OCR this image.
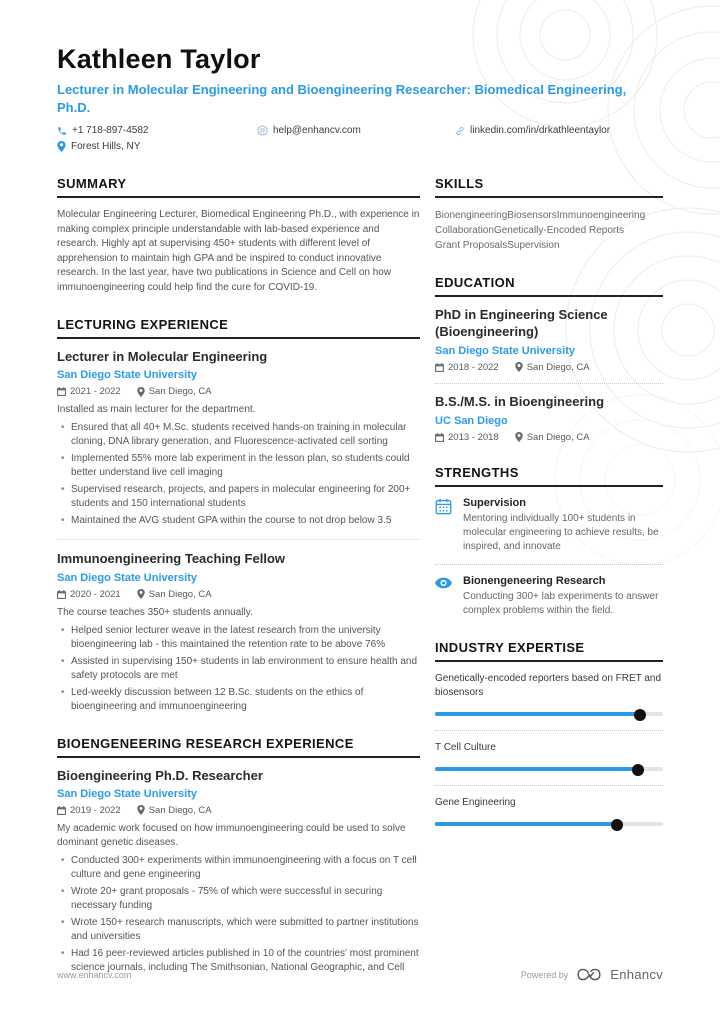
Kathleen Taylor
Lecturer in Molecular Engineering and Bioengineering Researcher: Biomedical Engineering, Ph.D.
+1 718-897-4582	@ help@enhancv.com	linkedin.com/in/drkathleentaylor
Forest Hills, NY
SUMMARY

Molecular Engineering Lecturer, Biomedical Engineering Ph.D., with experience in making complex principle understandable with lab-based experience and research. Highly apt at supervising 450+ students with different level of apprehension to maintain high GPA and be inspired to conduct innovative research. In the last year, have two publications in Science and Cell on how immunoengineering could help find the cure for COVID-19.

LECTURING EXPERIENCE
Lecturer in Molecular Engineering
San Diego State University
2021 - 2022	San Diego, CA
Installed as main lecturer for the department.
• Ensured that all 40+ M.Sc. students received hands-on training in molecular cloning, DNA library generation, and Fluorescence-activated cell sorting
• Implemented 55% more lab experiment in the lesson plan, so students could better understand live cell imaging
• Supervised research, projects, and papers in molecular engineering for 200+ students and 150 international students
• Maintained the AVG student GPA within the course to not drop below 3.5
Immunoengineering Teaching Fellow
San Diego State University
2020 - 2021	San Diego, CA
The course teaches 350+ students annually.
• Helped senior lecturer weave in the latest research from the university bioengineering lab - this maintained the retention rate to be above 76%
• Assisted in supervising 150+ students in lab environment to ensure health and safety protocols are met
• Led-weekly discussion between 12 B.Sc. students on the ethics of bioengineering and immunoengineering
BIOENGENEERING RESEARCH EXPERIENCE
Bioengineering Ph.D. Researcher
San Diego State University
2019 - 2022	San Diego, CA
My academic work focused on how immunoengineering could be used to solve dominant genetic diseases.
• Conducted 300+ experiments within immunoengineering with a focus on T cell culture and gene engineering
• Wrote 20+ grant proposals - 75% of which were successful in securing necessary funding
• Wrote 150+ research manuscripts, which were submitted to partner institutions and universities
• Had 16 peer-reviewed articles published in 10 of the countries' most prominent science journals, including The Smithsonian, National Geographic, and Cell
SKILLS
Bionengineering Biosensors Immunoengineering
Collaboration Genetically-Encoded Reports
Grant Proposals Supervision
EDUCATION
PhD in Engineering Science (Bioengineering)
San Diego State University
2018 - 2022	San Diego, CA
B.S./M.S. in Bioengineering
UC San Diego
2013 - 2018	San Diego, CA
STRENGTHS
Supervision
Mentoring individually 100+ students in molecular engineering to achieve results, be inspired, and innovate
Bionengeneering Research
Conducting 300+ lab experiments to answer complex problems within the field.
INDUSTRY EXPERTISE
Genetically-encoded reporters based on FRET and biosensors
T Cell Culture
Gene Engineering
www.enhancv.com	Powered by	Enhancv
